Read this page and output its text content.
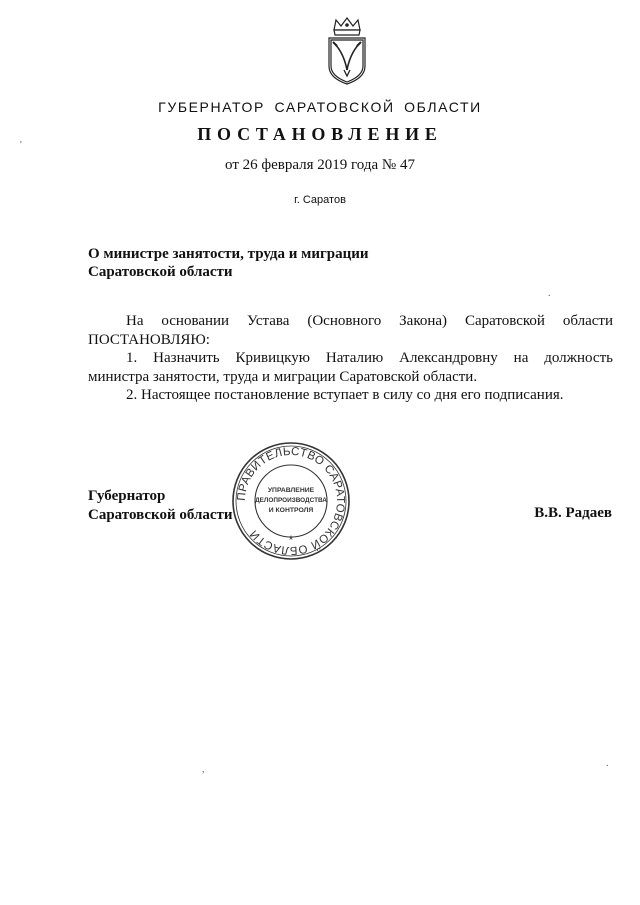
ГУБЕРНАТОР САРАТОВСКОЙ ОБЛАСТИ
ПОСТАНОВЛЕНИЕ
от 26 февраля 2019 года № 47
г. Саратов
О министре занятости, труда и миграции
Саратовской области
На основании Устава (Основного Закона) Саратовской области
ПОСТАНОВЛЯЮ:
1. Назначить Кривицкую Наталию Александровну на должность
министра занятости, труда и миграции Саратовской области.
2. Настоящее постановление вступает в силу со дня его подписания.
ПРАВИТЕЛЬСТВО САРАТОВСКОЙ ОБЛАСТИ
УПРАВЛЕНИЕ
ДЕЛОПРОИЗВОДСТВА
И КОНТРОЛЯ
*
Губернатор
Саратовской области	В.В. Радаев
'
.
,
.
